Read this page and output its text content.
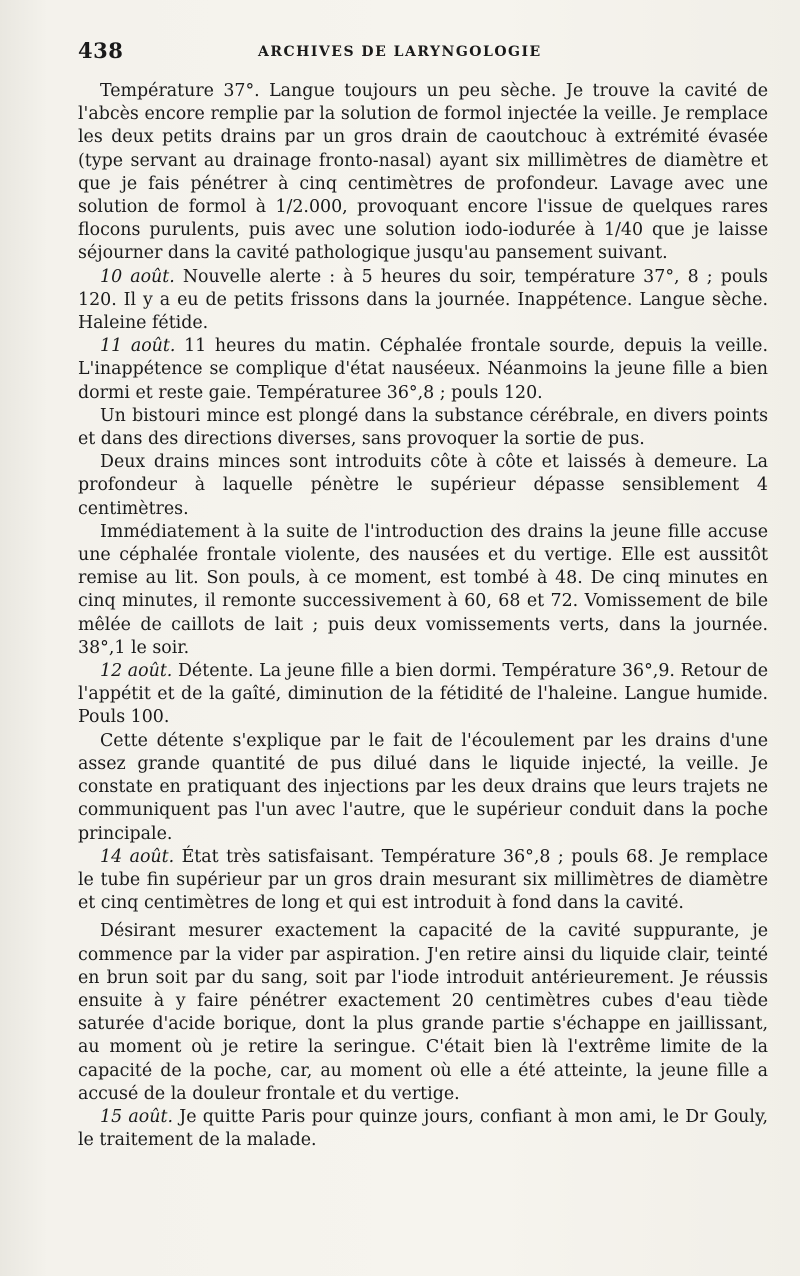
438	ARCHIVES DE LARYNGOLOGIE

Température 37°. Langue toujours un peu sèche. Je trouve la cavité de l'abcès encore remplie par la solution de formol injectée la veille. Je remplace les deux petits drains par un gros drain de caoutchouc à extrémité évasée (type servant au drainage fronto-nasal) ayant six millimètres de diamètre et que je fais pénétrer à cinq centimètres de profondeur. Lavage avec une solution de formol à 1/2.000, provoquant encore l'issue de quelques rares flocons purulents, puis avec une solution iodo-iodurée à 1/40 que je laisse séjourner dans la cavité pathologique jusqu'au pansement suivant.

10 août. Nouvelle alerte : à 5 heures du soir, température 37°, 8 ; pouls 120. Il y a eu de petits frissons dans la journée. Inappétence. Langue sèche. Haleine fétide.

11 août. 11 heures du matin. Céphalée frontale sourde, depuis la veille. L'inappétence se complique d'état nauséeux. Néanmoins la jeune fille a bien dormi et reste gaie. Températuree 36°,8 ; pouls 120.

Un bistouri mince est plongé dans la substance cérébrale, en divers points et dans des directions diverses, sans provoquer la sortie de pus.

Deux drains minces sont introduits côte à côte et laissés à demeure. La profondeur à laquelle pénètre le supérieur dépasse sensiblement 4 centimètres.

Immédiatement à la suite de l'introduction des drains la jeune fille accuse une céphalée frontale violente, des nausées et du vertige. Elle est aussitôt remise au lit. Son pouls, à ce moment, est tombé à 48. De cinq minutes en cinq minutes, il remonte successivement à 60, 68 et 72. Vomissement de bile mêlée de caillots de lait ; puis deux vomissements verts, dans la journée. 38°,1 le soir.

12 août. Détente. La jeune fille a bien dormi. Température 36°,9. Retour de l'appétit et de la gaîté, diminution de la fétidité de l'haleine. Langue humide. Pouls 100.

Cette détente s'explique par le fait de l'écoulement par les drains d'une assez grande quantité de pus dilué dans le liquide injecté, la veille. Je constate en pratiquant des injections par les deux drains que leurs trajets ne communiquent pas l'un avec l'autre, que le supérieur conduit dans la poche principale.

14 août. État très satisfaisant. Température 36°,8 ; pouls 68. Je remplace le tube fin supérieur par un gros drain mesurant six millimètres de diamètre et cinq centimètres de long et qui est introduit à fond dans la cavité.

Désirant mesurer exactement la capacité de la cavité suppurante, je commence par la vider par aspiration. J'en retire ainsi du liquide clair, teinté en brun soit par du sang, soit par l'iode introduit antérieurement. Je réussis ensuite à y faire pénétrer exactement 20 centimètres cubes d'eau tiède saturée d'acide borique, dont la plus grande partie s'échappe en jaillissant, au moment où je retire la seringue. C'était bien là l'extrême limite de la capacité de la poche, car, au moment où elle a été atteinte, la jeune fille a accusé de la douleur frontale et du vertige.

15 août. Je quitte Paris pour quinze jours, confiant à mon ami, le Dr Gouly, le traitement de la malade.
